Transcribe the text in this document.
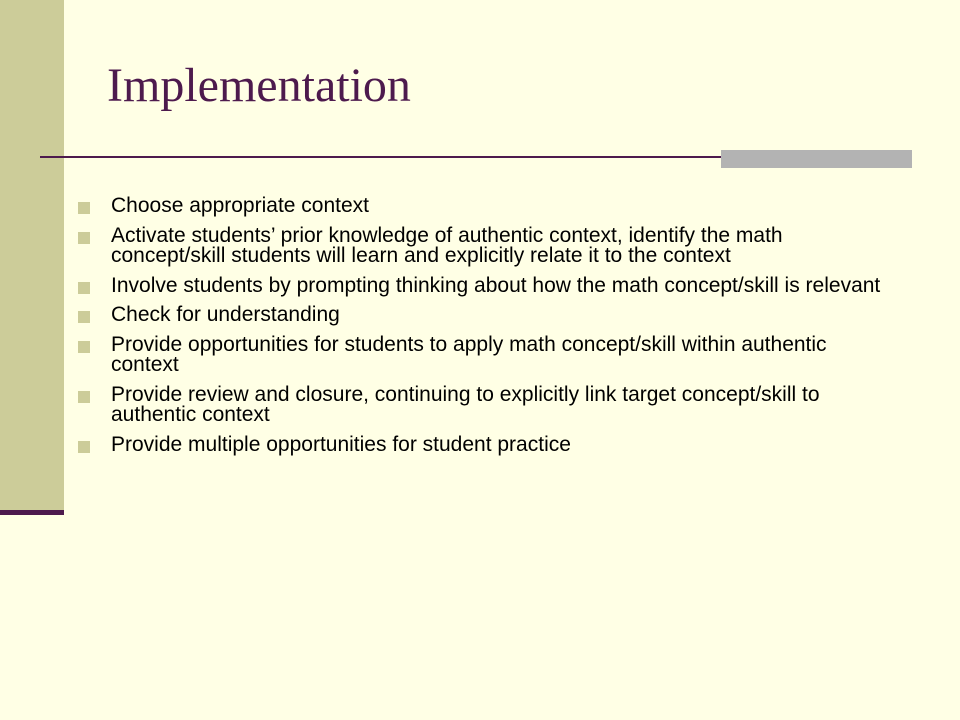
Implementation
Choose appropriate context
Activate students’ prior knowledge of authentic context, identify the math concept/skill students will learn and explicitly relate it to the context
Involve students by prompting thinking about how the math concept/skill is relevant
Check for understanding
Provide opportunities for students to apply math concept/skill within authentic context
Provide review and closure, continuing to explicitly link target concept/skill to authentic context
Provide multiple opportunities for student practice
